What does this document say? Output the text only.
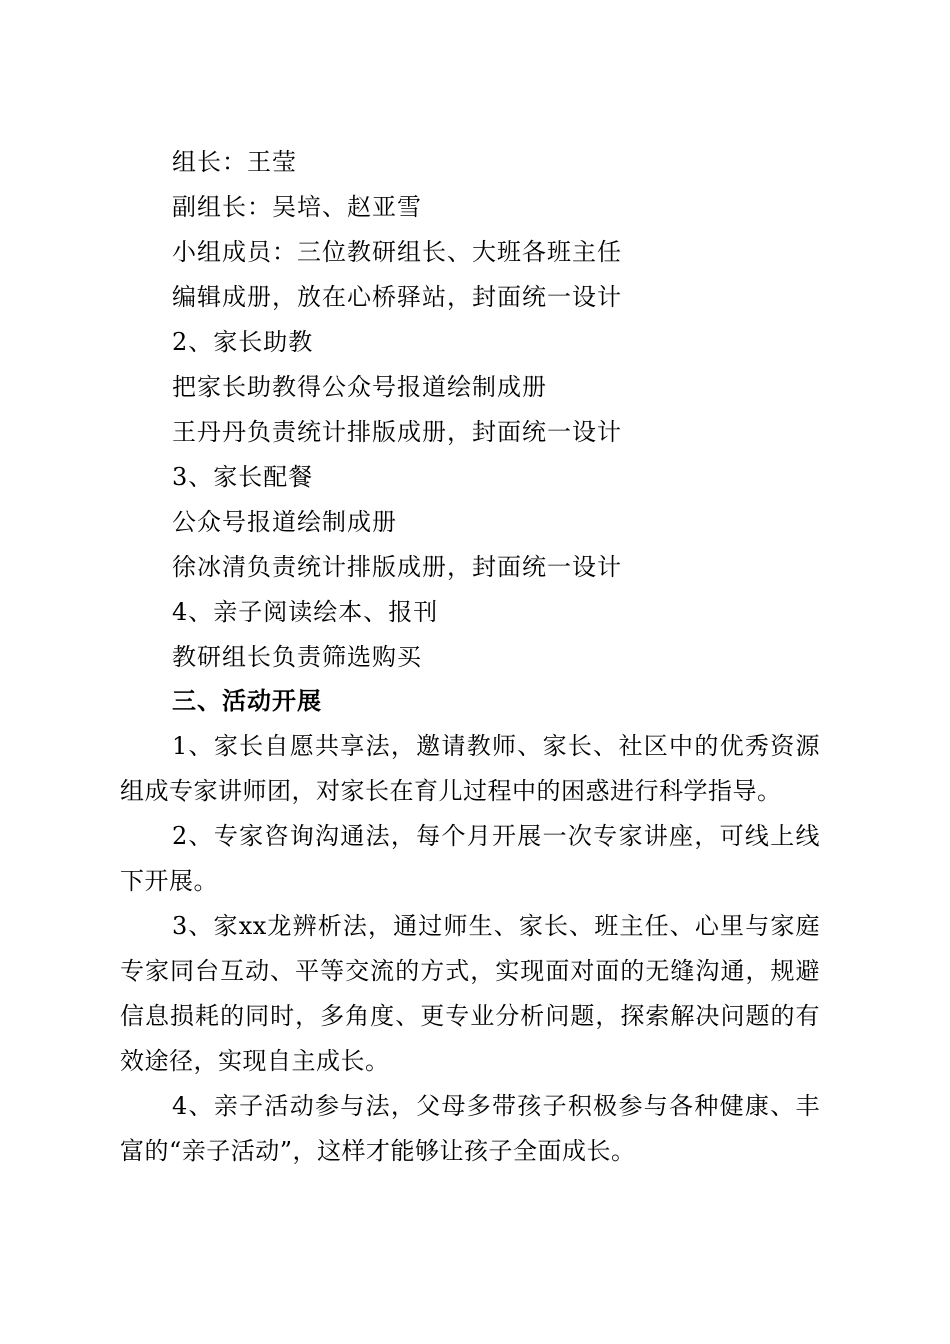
组长：王莹
副组长：吴培、赵亚雪
小组成员：三位教研组长、大班各班主任
编辑成册，放在心桥驿站，封面统一设计
2、家长助教
把家长助教得公众号报道绘制成册
王丹丹负责统计排版成册，封面统一设计
3、家长配餐
公众号报道绘制成册
徐冰清负责统计排版成册，封面统一设计
4、亲子阅读绘本、报刊
教研组长负责筛选购买
三、活动开展
1、家长自愿共享法，邀请教师、家长、社区中的优秀资源组成专家讲师团，对家长在育儿过程中的困惑进行科学指导。
2、专家咨询沟通法，每个月开展一次专家讲座，可线上线下开展。
3、家xx龙辨析法，通过师生、家长、班主任、心里与家庭专家同台互动、平等交流的方式，实现面对面的无缝沟通，规避信息损耗的同时，多角度、更专业分析问题，探索解决问题的有效途径，实现自主成长。
4、亲子活动参与法，父母多带孩子积极参与各种健康、丰富的“亲子活动”，这样才能够让孩子全面成长。
